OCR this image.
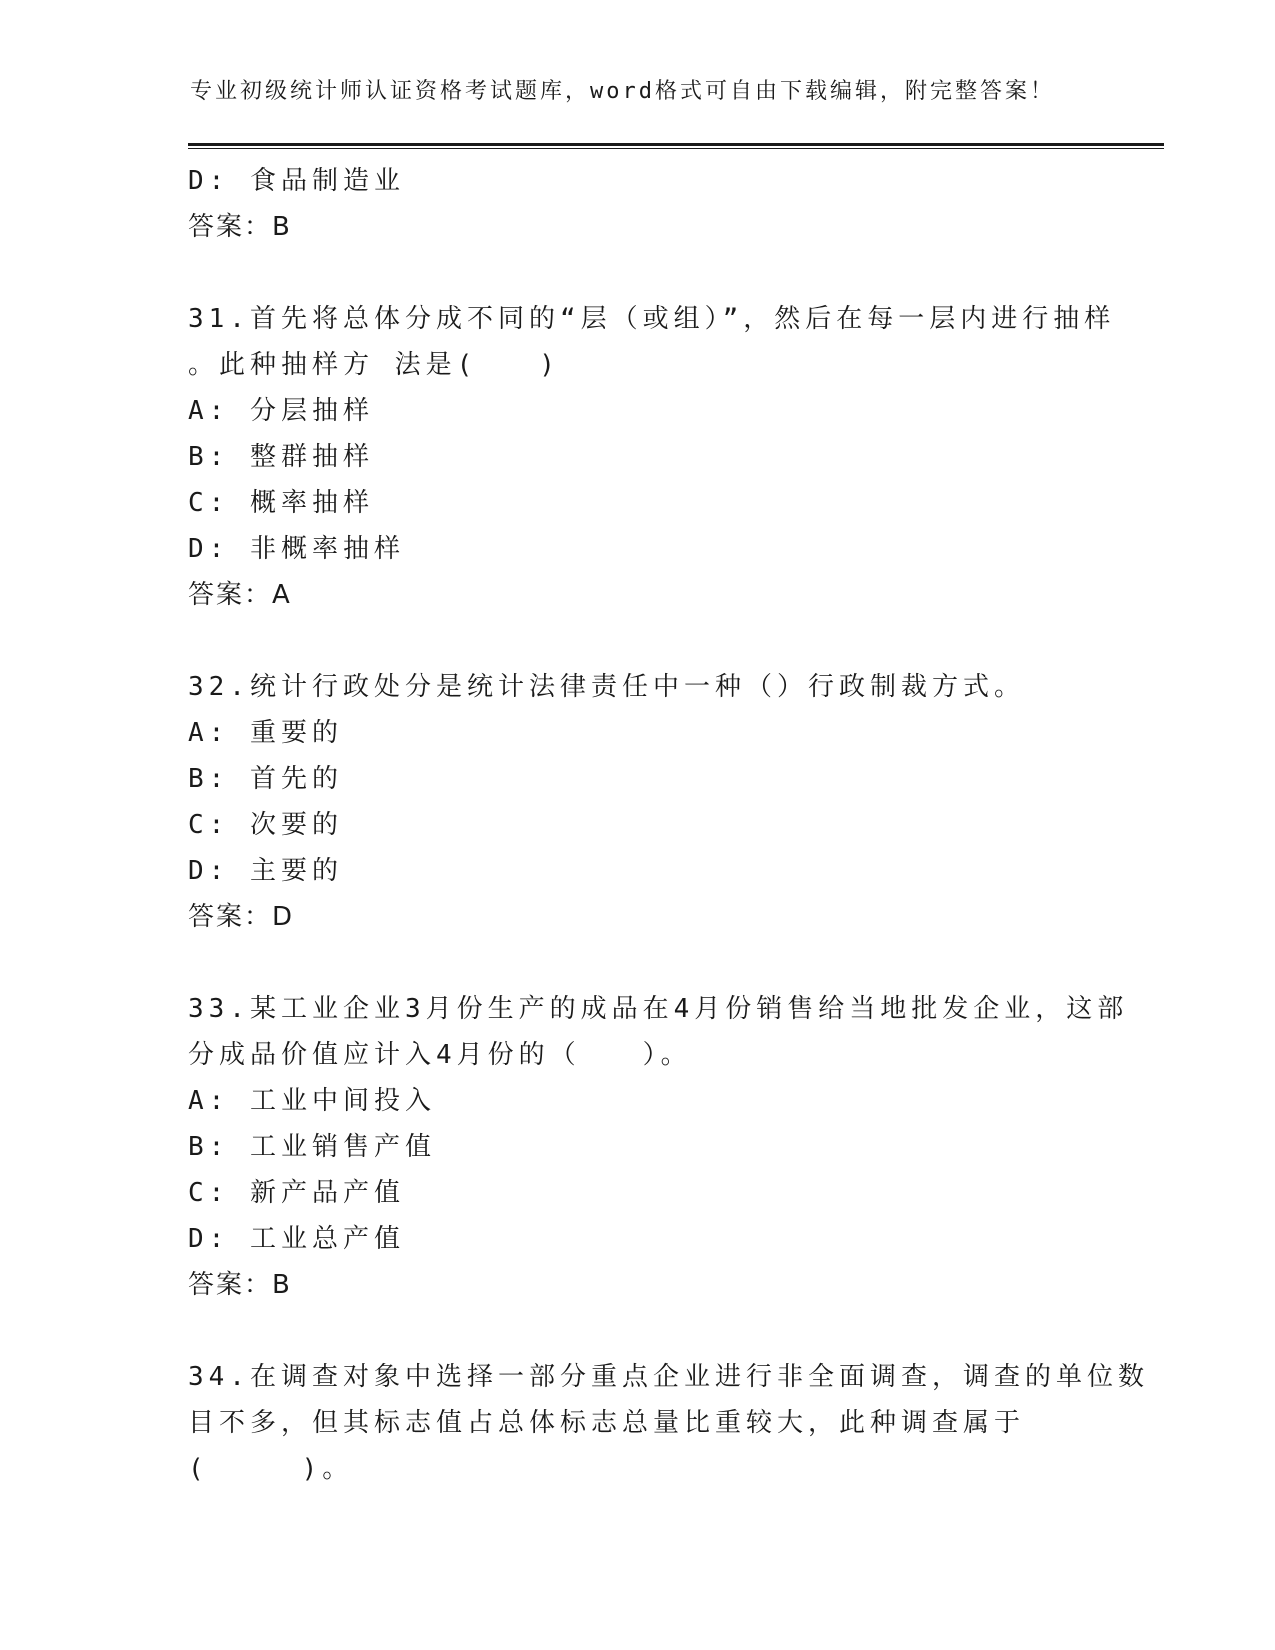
专业初级统计师认证资格考试题库，word格式可自由下载编辑，附完整答案！
D: 食品制造业
答案：B
31.首先将总体分成不同的“层（或组）”，然后在每一层内进行抽样
。此种抽样方 法是(　　)
A: 分层抽样
B: 整群抽样
C: 概率抽样
D: 非概率抽样
答案：A
32.统计行政处分是统计法律责任中一种（）行政制裁方式。
A: 重要的
B: 首先的
C: 次要的
D: 主要的
答案：D
33.某工业企业3月份生产的成品在4月份销售给当地批发企业，这部
分成品价值应计入4月份的（　　）。
A: 工业中间投入
B: 工业销售产值
C: 新产品产值
D: 工业总产值
答案：B
34.在调查对象中选择一部分重点企业进行非全面调查，调查的单位数
目不多，但其标志值占总体标志总量比重较大，此种调查属于
(　　　)。
